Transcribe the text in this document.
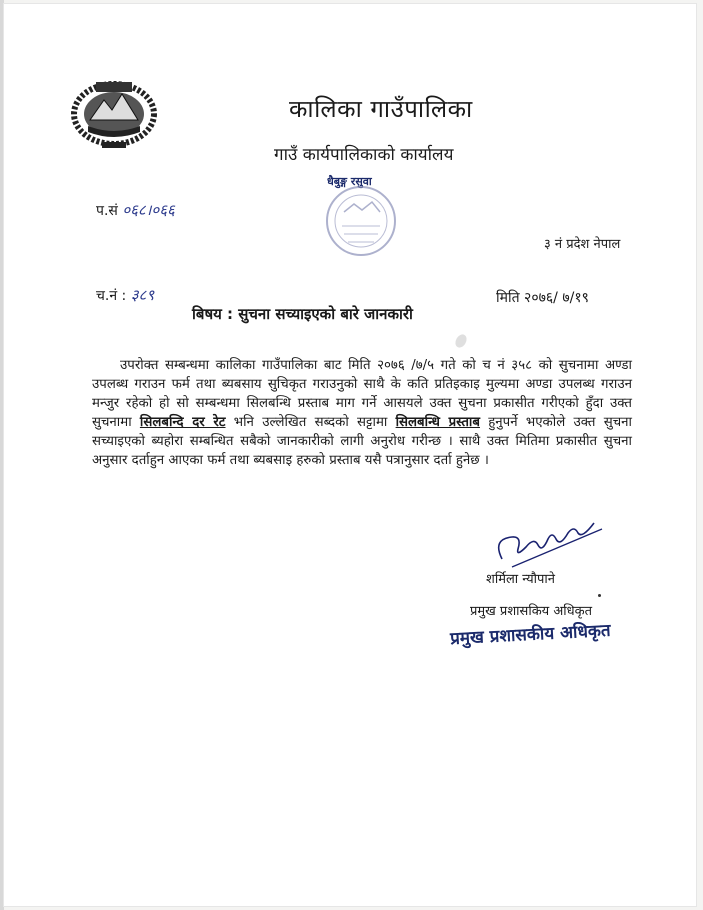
कालिका गाउँपालिका
गाउँ कार्यपालिकाको कार्यालय
प.सं ०६८।०६६
धैबुङ्ग रसुवा
३ नं प्रदेश नेपाल
च.नं : ३८९	मिति २०७६/ ७/१९
बिषय : सुचना सच्याइएको बारे जानकारी
उपरोक्त सम्बन्धमा कालिका गाउँपालिका बाट मिति २०७६ /७/५ गते को च नं ३५८ को सुचनामा अण्डा उपलब्ध गराउन फर्म तथा ब्यबसाय सुचिकृत गराउनुको साथै के कति प्रतिइकाइ मुल्यमा अण्डा उपलब्ध गराउन मन्जुर रहेको हो सो सम्बन्धमा सिलबन्धि प्रस्ताब माग गर्ने आसयले उक्त सुचना प्रकासीत गरीएको हुँदा उक्त सुचनामा सिलबन्दि दर रेट भनि उल्लेखित सब्दको सट्टामा सिलबन्धि प्रस्ताब हुनुपर्ने भएकोले उक्त सुचना सच्याइएको ब्यहोरा सम्बन्धित सबैको जानकारीको लागी अनुरोध गरीन्छ । साथै उक्त मितिमा प्रकासीत सुचना अनुसार दर्ताहुन आएका फर्म तथा ब्यबसाइ हरुको प्रस्ताब यसै पत्रानुसार दर्ता हुनेछ ।
शर्मिला न्यौपाने
प्रमुख प्रशासकिय अधिकृत
प्रमुख प्रशासकीय अधिकृत
